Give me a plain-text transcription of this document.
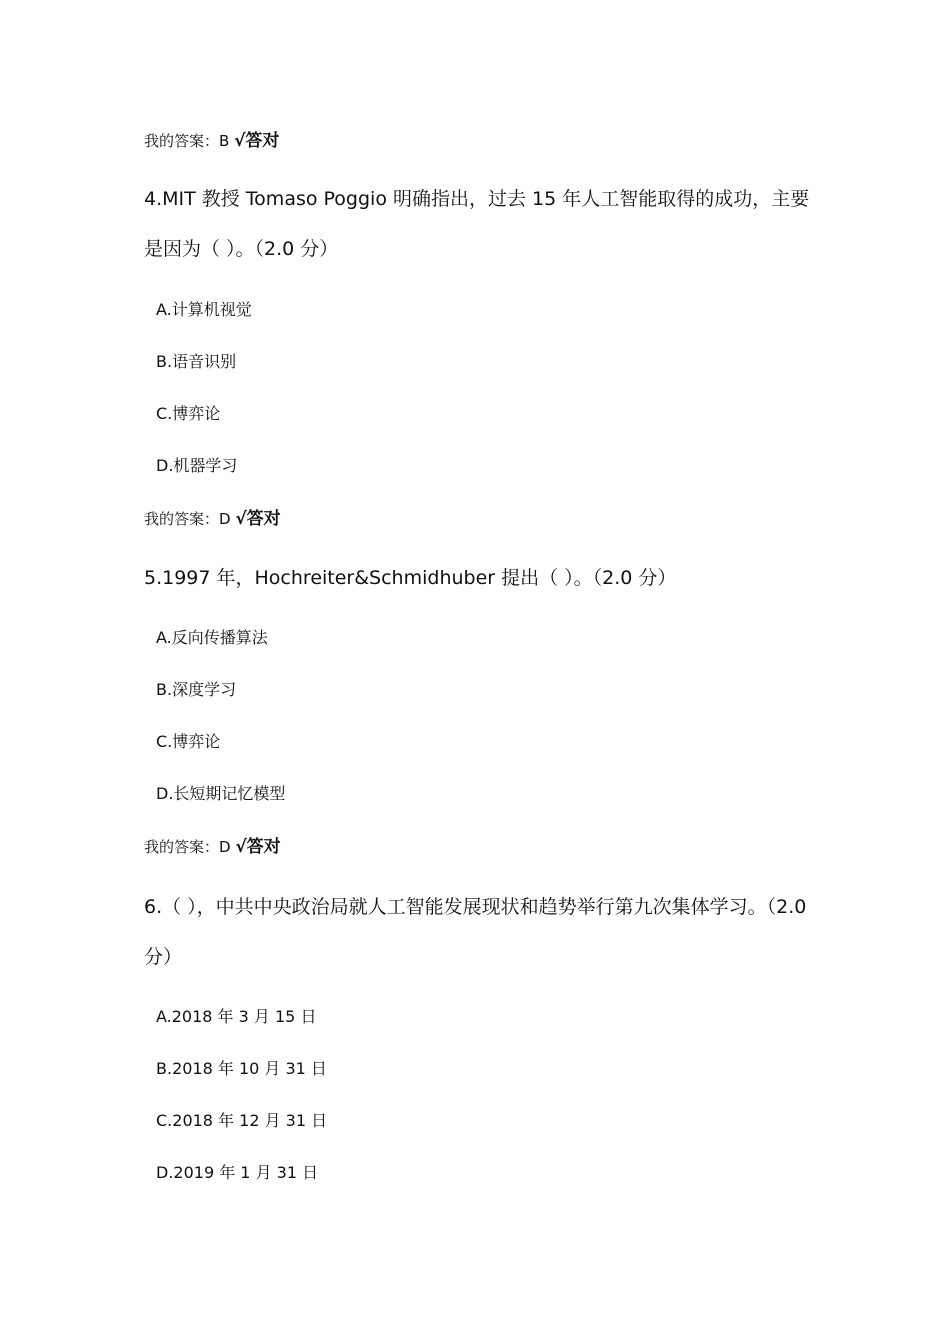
我的答案：B √答对
4.MIT 教授 Tomaso Poggio 明确指出，过去 15 年人工智能取得的成功，主要
是因为（ ）。（2.0 分）
A.计算机视觉
B.语音识别
C.博弈论
D.机器学习
我的答案：D √答对
5.1997 年，Hochreiter&Schmidhuber 提出（ ）。（2.0 分）
A.反向传播算法
B.深度学习
C.博弈论
D.长短期记忆模型
我的答案：D √答对
6.（ ），中共中央政治局就人工智能发展现状和趋势举行第九次集体学习。（2.0
分）
A.2018 年 3 月 15 日
B.2018 年 10 月 31 日
C.2018 年 12 月 31 日
D.2019 年 1 月 31 日
